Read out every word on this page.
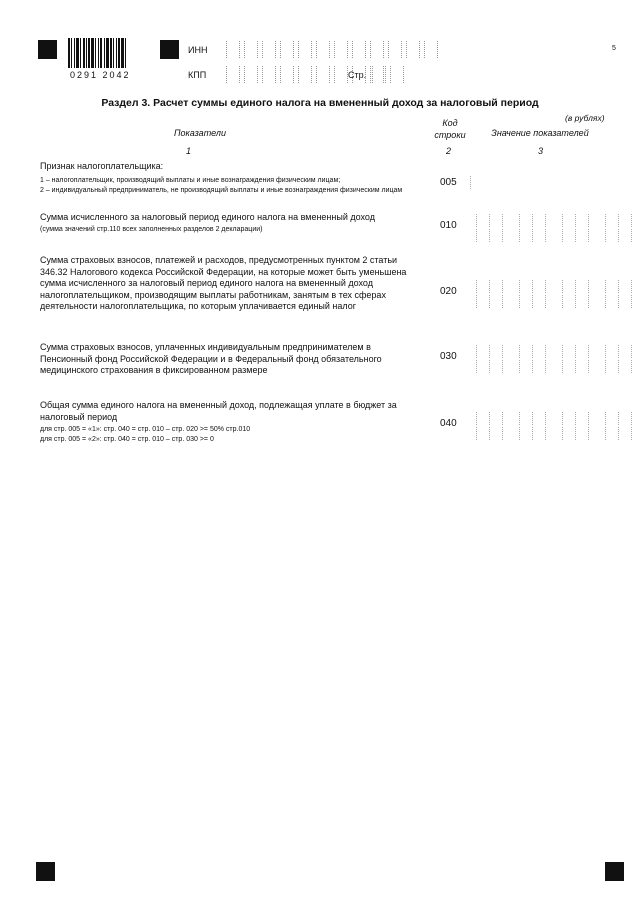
0291 2042
ИНН
КПП	Стр.
5
Раздел 3. Расчет суммы единого налога на вмененный доход за налоговый период
(в рублях)
Показатели
Код
строки	Значение показателей
1	2	3
Признак налогоплательщика:
1 – налогоплательщик, производящий выплаты и иные вознаграждения физическим лицам;
2 – индивидуальный предприниматель, не производящий выплаты и иные вознаграждения физическим лицам
005
Сумма исчисленного за налоговый период единого налога на вмененный доход
(сумма значений стр.110 всех заполненных разделов 2 декларации)	010
Сумма страховых взносов, платежей и расходов, предусмотренных пунктом 2 статьи 346.32 Налогового кодекса Российской Федерации, на которые может быть уменьшена сумма исчисленного за налоговый период единого налога на вмененный доход налогоплательщиком, производящим выплаты работникам, занятым в тех сферах деятельности налогоплательщика, по которым уплачивается единый налог
020
Сумма страховых взносов, уплаченных индивидуальным предпринимателем в Пенсионный фонд Российской Федерации и в Федеральный фонд обязательного медицинского страхования в фиксированном размере
030
Общая сумма единого налога на вмененный доход, подлежащая уплате в бюджет за налоговый период
для стр. 005 = «1»: стр. 040 = стр. 010 – стр. 020 >= 50% стр.010
для стр. 005 = «2»: стр. 040 = стр. 010 – стр. 030 >= 0
040
